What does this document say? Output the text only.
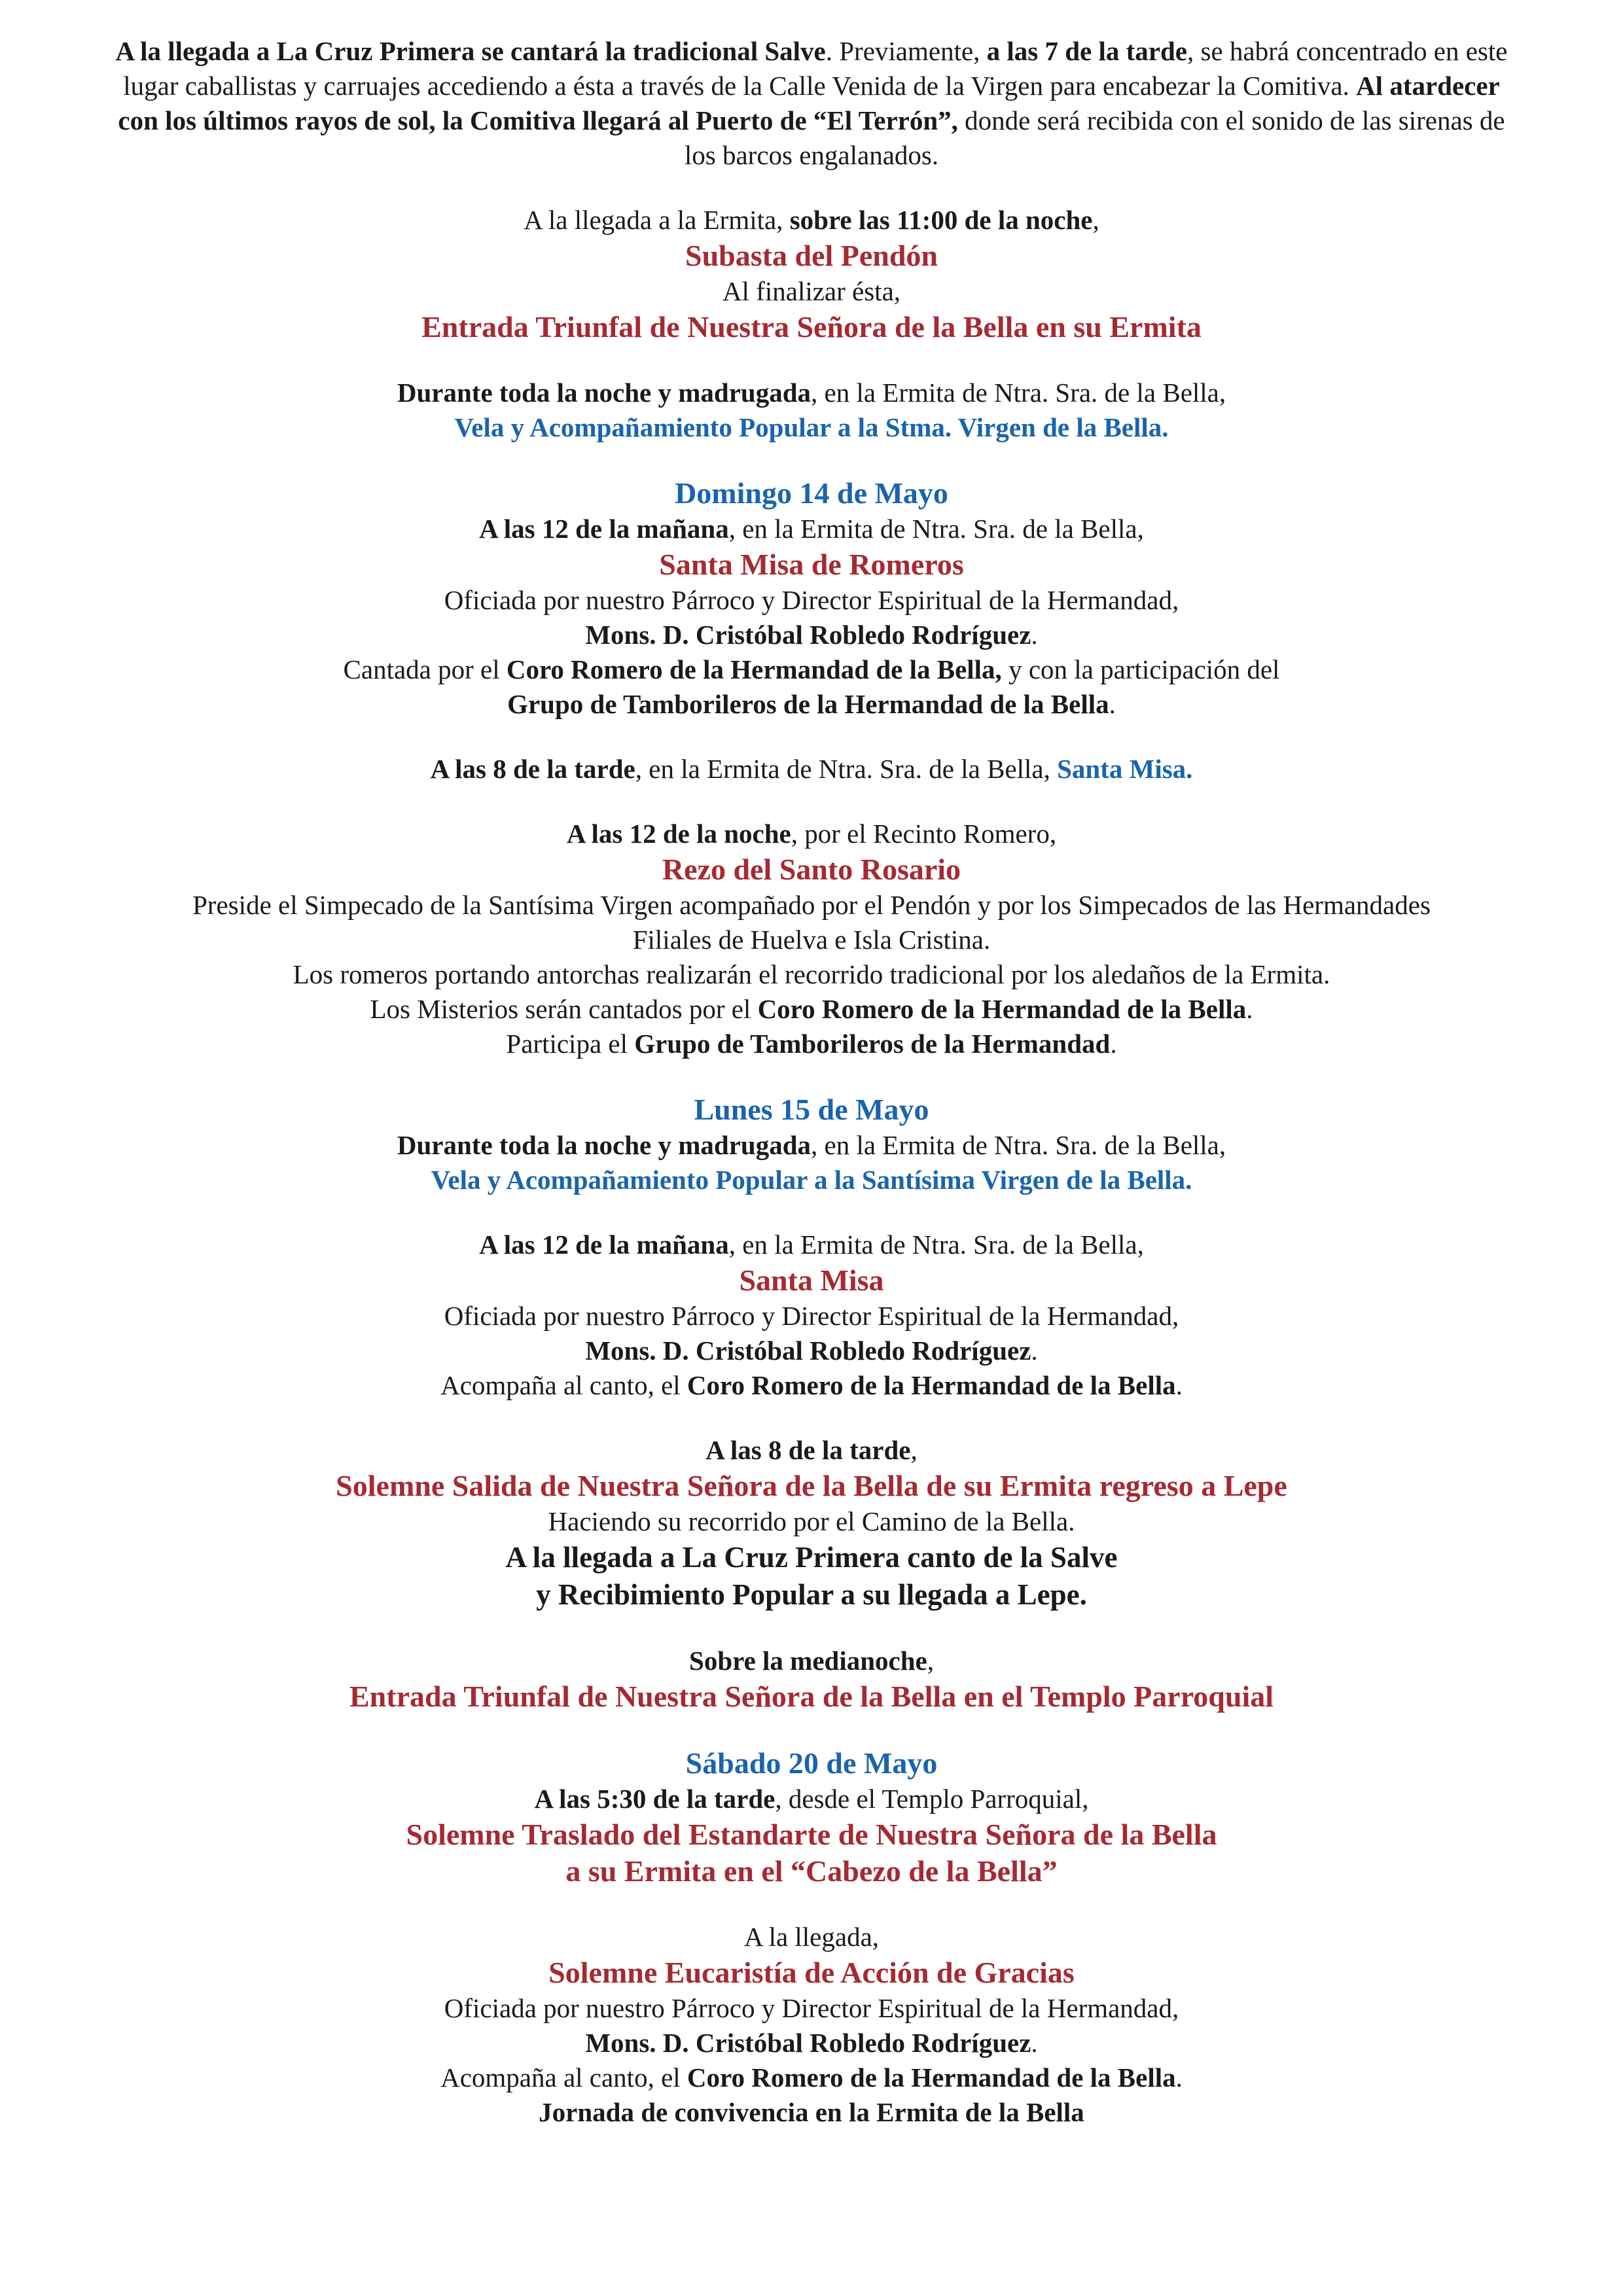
A la llegada a La Cruz Primera se cantará la tradicional Salve. Previamente, a las 7 de la tarde, se habrá concentrado en este lugar caballistas y carruajes accediendo a ésta a través de la Calle Venida de la Virgen para encabezar la Comitiva. Al atardecer con los últimos rayos de sol, la Comitiva llegará al Puerto de “El Terrón”, donde será recibida con el sonido de las sirenas de los barcos engalanados.

A la llegada a la Ermita, sobre las 11:00 de la noche,

Subasta del Pendón

Al finalizar ésta,

Entrada Triunfal de Nuestra Señora de la Bella en su Ermita

Durante toda la noche y madrugada, en la Ermita de Ntra. Sra. de la Bella,

Vela y Acompañamiento Popular a la Stma. Virgen de la Bella.

Domingo 14 de Mayo

A las 12 de la mañana, en la Ermita de Ntra. Sra. de la Bella,

Santa Misa de Romeros

Oficiada por nuestro Párroco y Director Espiritual de la Hermandad,

Mons. D. Cristóbal Robledo Rodríguez.

Cantada por el Coro Romero de la Hermandad de la Bella, y con la participación del

Grupo de Tamborileros de la Hermandad de la Bella.

A las 8 de la tarde, en la Ermita de Ntra. Sra. de la Bella, Santa Misa.

A las 12 de la noche, por el Recinto Romero,

Rezo del Santo Rosario

Preside el Simpecado de la Santísima Virgen acompañado por el Pendón y por los Simpecados de las Hermandades

Filiales de Huelva e Isla Cristina.

Los romeros portando antorchas realizarán el recorrido tradicional por los aledaños de la Ermita.

Los Misterios serán cantados por el Coro Romero de la Hermandad de la Bella.

Participa el Grupo de Tamborileros de la Hermandad.

Lunes 15 de Mayo

Durante toda la noche y madrugada, en la Ermita de Ntra. Sra. de la Bella,

Vela y Acompañamiento Popular a la Santísima Virgen de la Bella.

A las 12 de la mañana, en la Ermita de Ntra. Sra. de la Bella,

Santa Misa

Oficiada por nuestro Párroco y Director Espiritual de la Hermandad,

Mons. D. Cristóbal Robledo Rodríguez.

Acompaña al canto, el Coro Romero de la Hermandad de la Bella.

A las 8 de la tarde,

Solemne Salida de Nuestra Señora de la Bella de su Ermita regreso a Lepe

Haciendo su recorrido por el Camino de la Bella.

A la llegada a La Cruz Primera canto de la Salve

y Recibimiento Popular a su llegada a Lepe.

Sobre la medianoche,

Entrada Triunfal de Nuestra Señora de la Bella en el Templo Parroquial

Sábado 20 de Mayo

A las 5:30 de la tarde, desde el Templo Parroquial,

Solemne Traslado del Estandarte de Nuestra Señora de la Bella

a su Ermita en el “Cabezo de la Bella”

A la llegada,

Solemne Eucaristía de Acción de Gracias

Oficiada por nuestro Párroco y Director Espiritual de la Hermandad,

Mons. D. Cristóbal Robledo Rodríguez.

Acompaña al canto, el Coro Romero de la Hermandad de la Bella.

Jornada de convivencia en la Ermita de la Bella
